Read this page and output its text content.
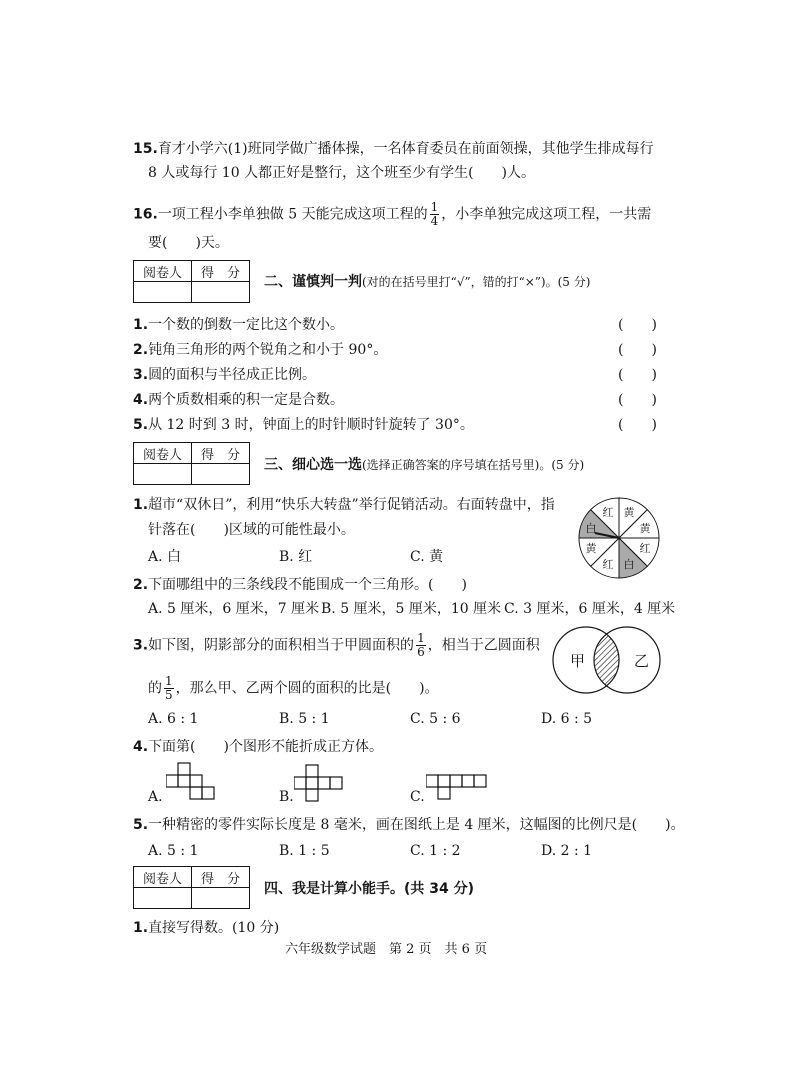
15.育才小学六(1)班同学做广播体操，一名体育委员在前面领操，其他学生排成每行
8 人或每行 10 人都正好是整行，这个班至少有学生(　　)人。
16.一项工程小李单独做 5 天能完成这项工程的 $\frac{1}{4}$ ，小李单独完成这项工程，一共需
要(　　)天。
阅卷人	得　分

二、谨慎判一判(对的在括号里打“√”，错的打“×”)。(5 分)
1.一个数的倒数一定比这个数小。	(　　)
2.钝角三角形的两个锐角之和小于 90°。	(　　)
3.圆的面积与半径成正比例。	(　　)
4.两个质数相乘的积一定是合数。	(　　)
5.从 12 时到 3 时，钟面上的时针顺时针旋转了 30°。	(　　)
阅卷人	得　分

三、细心选一选(选择正确答案的序号填在括号里)。(5 分)
1.超市“双休日”，利用“快乐大转盘”举行促销活动。右面转盘中，指
针落在(　　)区域的可能性最小。
A. 白	B. 红	C. 黄
红 黄
黄
红
白
红
黄
白
2.下面哪组中的三条线段不能围成一个三角形。(　　)
A. 5 厘米，6 厘米，7 厘米 B. 5 厘米，5 厘米，10 厘米 C. 3 厘米，6 厘米，4 厘米
3.如下图，阴影部分的面积相当于甲圆面积的 $\frac{1}{6}$ ，相当于乙圆面积
的 $\frac{1}{5}$ ，那么甲、乙两个圆的面积的比是(　　)。
A. 6 : 1	B. 5 : 1	C. 5 : 6	D. 6 : 5
甲	乙
4.下面第(　　)个图形不能折成正方体。
A.	B.	C.
5.一种精密的零件实际长度是 8 毫米，画在图纸上是 4 厘米，这幅图的比例尺是(　　)。
A. 5 : 1	B. 1 : 5	C. 1 : 2	D. 2 : 1
阅卷人	得　分

四、我是计算小能手。(共 34 分)
1.直接写得数。(10 分)
六年级数学试题　第 2 页　共 6 页
